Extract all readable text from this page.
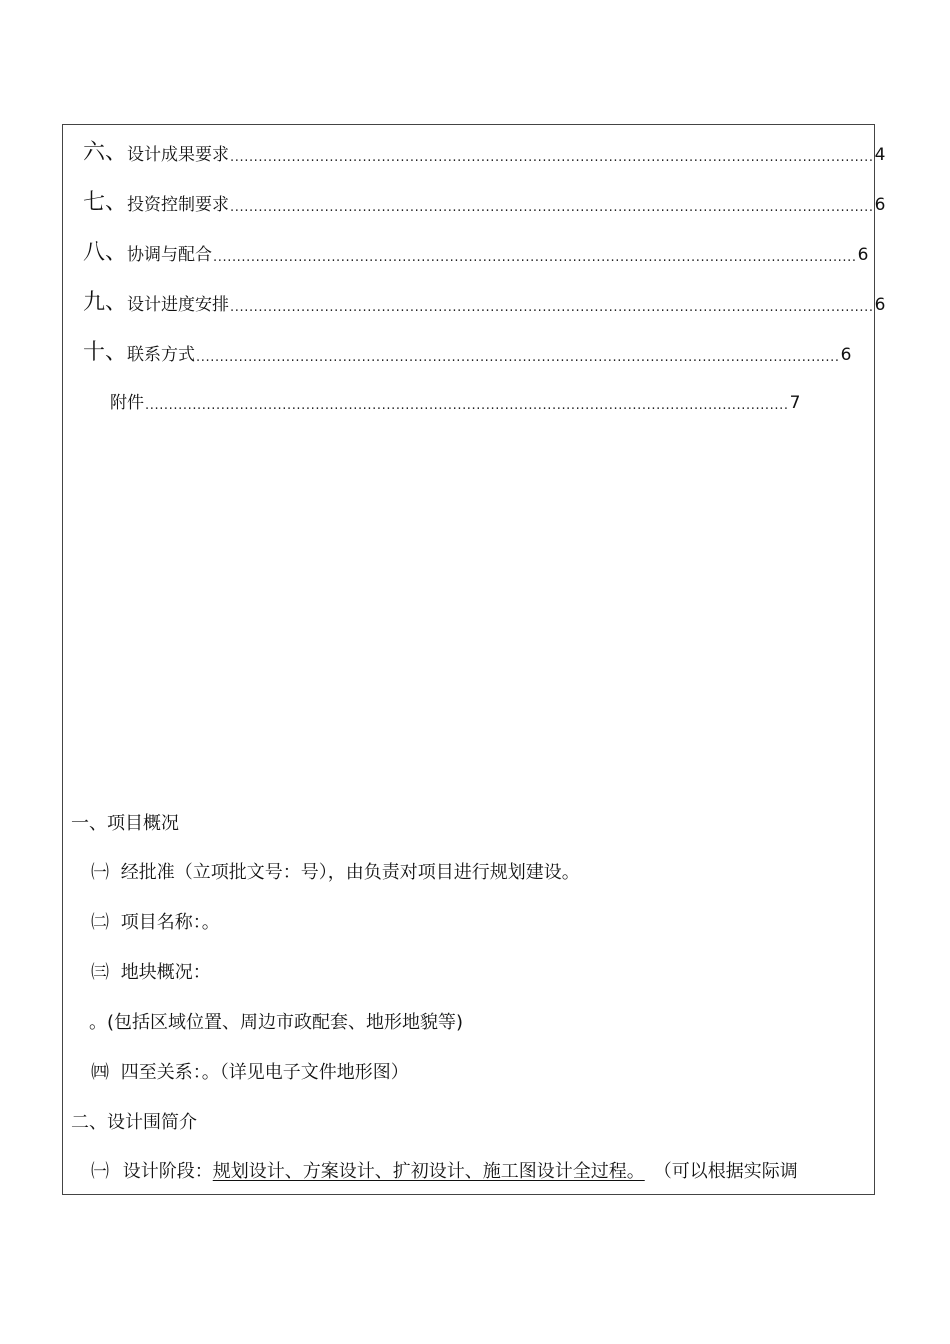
六、 设计成果要求 ........................................................................................................................................ 4
七、 投资控制要求 ........................................................................................................................................ 6
八、 协调与配合 ........................................................................................................................................ 6
九、 设计进度安排 ........................................................................................................................................ 6
十、 联系方式 ........................................................................................................................................ 6
附件 ........................................................................................................................................ 7
一、项目概况
㈠ 经批准（立项批文号：号），由负责对项目进行规划建设。
㈡ 项目名称：。
㈢ 地块概况：
。(包括区域位置、周边市政配套、地形地貌等)
㈣ 四至关系：。（详见电子文件地形图）
二、设计围简介
㈠ 设计阶段：规划设计、方案设计、扩初设计、施工图设计全过程。 （可以根据实际调
